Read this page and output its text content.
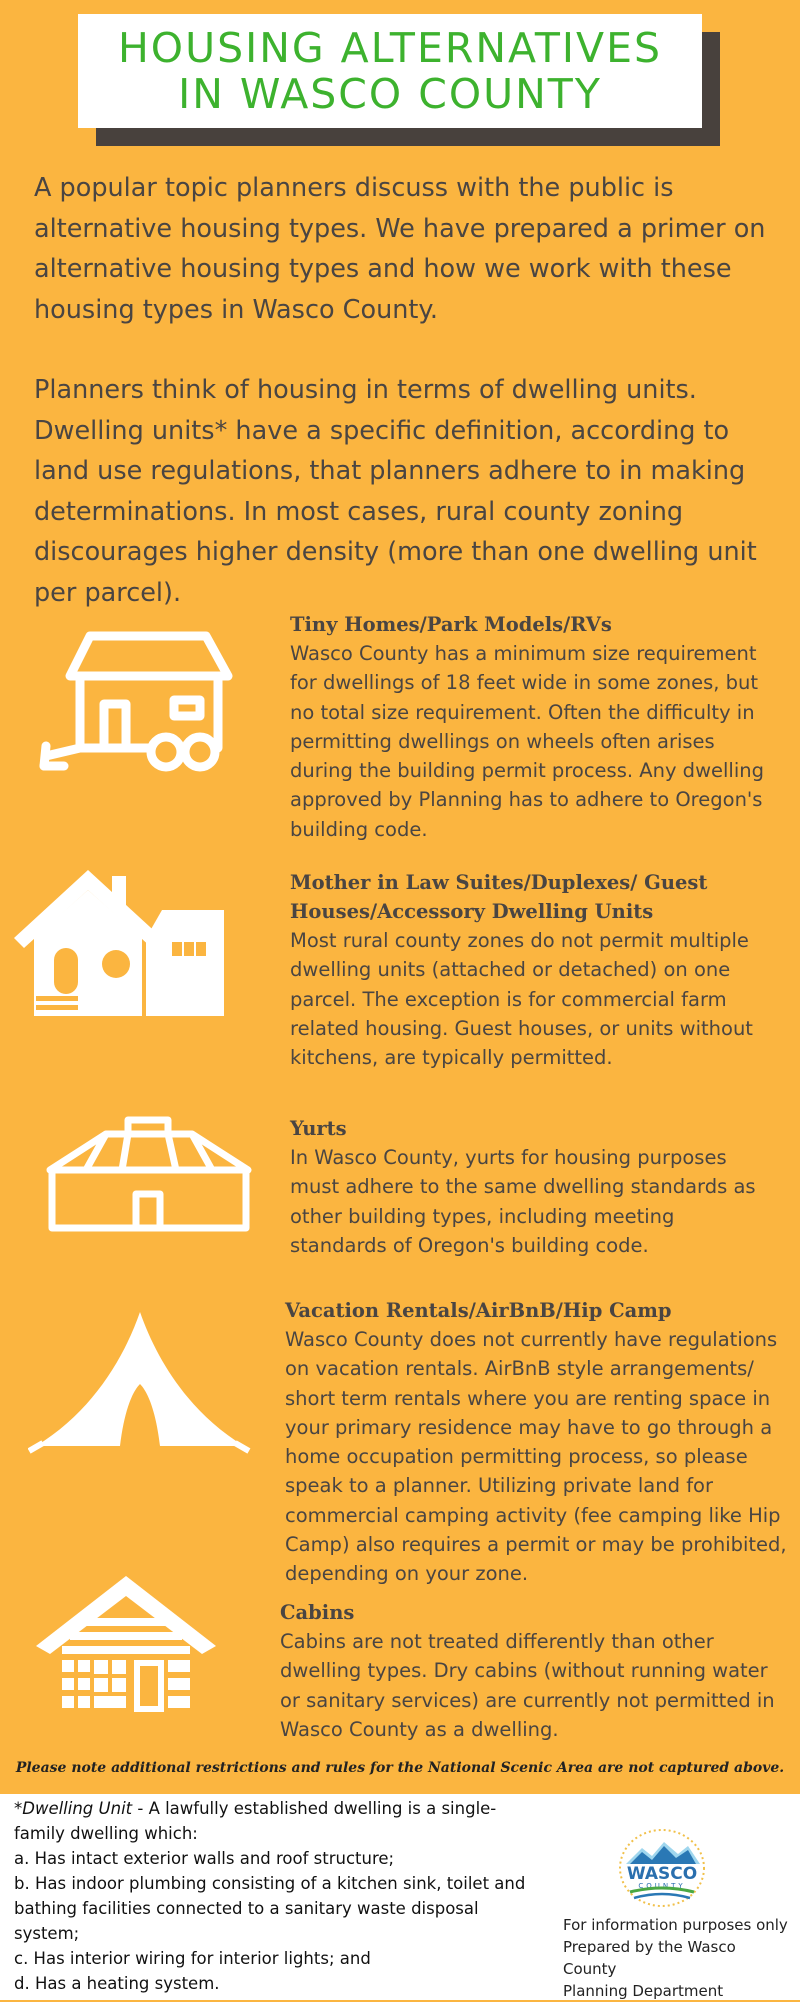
HOUSING ALTERNATIVES
IN WASCO COUNTY

A popular topic planners discuss with the public is alternative housing types. We have prepared a primer on alternative housing types and how we work with these housing types in Wasco County.

Planners think of housing in terms of dwelling units. Dwelling units* have a specific definition, according to land use regulations, that planners adhere to in making determinations. In most cases, rural county zoning discourages higher density (more than one dwelling unit per parcel).

Tiny Homes/Park Models/RVs

Wasco County has a minimum size requirement for dwellings of 18 feet wide in some zones, but no total size requirement. Often the difficulty in permitting dwellings on wheels often arises during the building permit process. Any dwelling approved by Planning has to adhere to Oregon's building code.

Mother in Law Suites/Duplexes/ Guest Houses/Accessory Dwelling Units

Most rural county zones do not permit multiple dwelling units (attached or detached) on one parcel. The exception is for commercial farm related housing. Guest houses, or units without kitchens, are typically permitted.

Yurts

In Wasco County, yurts for housing purposes must adhere to the same dwelling standards as other building types, including meeting standards of Oregon's building code.

Vacation Rentals/AirBnB/Hip Camp

Wasco County does not currently have regulations on vacation rentals. AirBnB style arrangements/ short term rentals where you are renting space in your primary residence may have to go through a home occupation permitting process, so please speak to a planner. Utilizing private land for commercial camping activity (fee camping like Hip Camp) also requires a permit or may be prohibited, depending on your zone.

Cabins

Cabins are not treated differently than other dwelling types. Dry cabins (without running water or sanitary services) are currently not permitted in Wasco County as a dwelling.

Please note additional restrictions and rules for the National Scenic Area are not captured above.

*Dwelling Unit - A lawfully established dwelling is a single-family dwelling which:

a. Has intact exterior walls and roof structure;

b. Has indoor plumbing consisting of a kitchen sink, toilet and bathing facilities connected to a sanitary waste disposal system;

c. Has interior wiring for interior lights; and

d. Has a heating system.

WASCO
COUNTY
For information purposes only
Prepared by the Wasco County
Planning Department
